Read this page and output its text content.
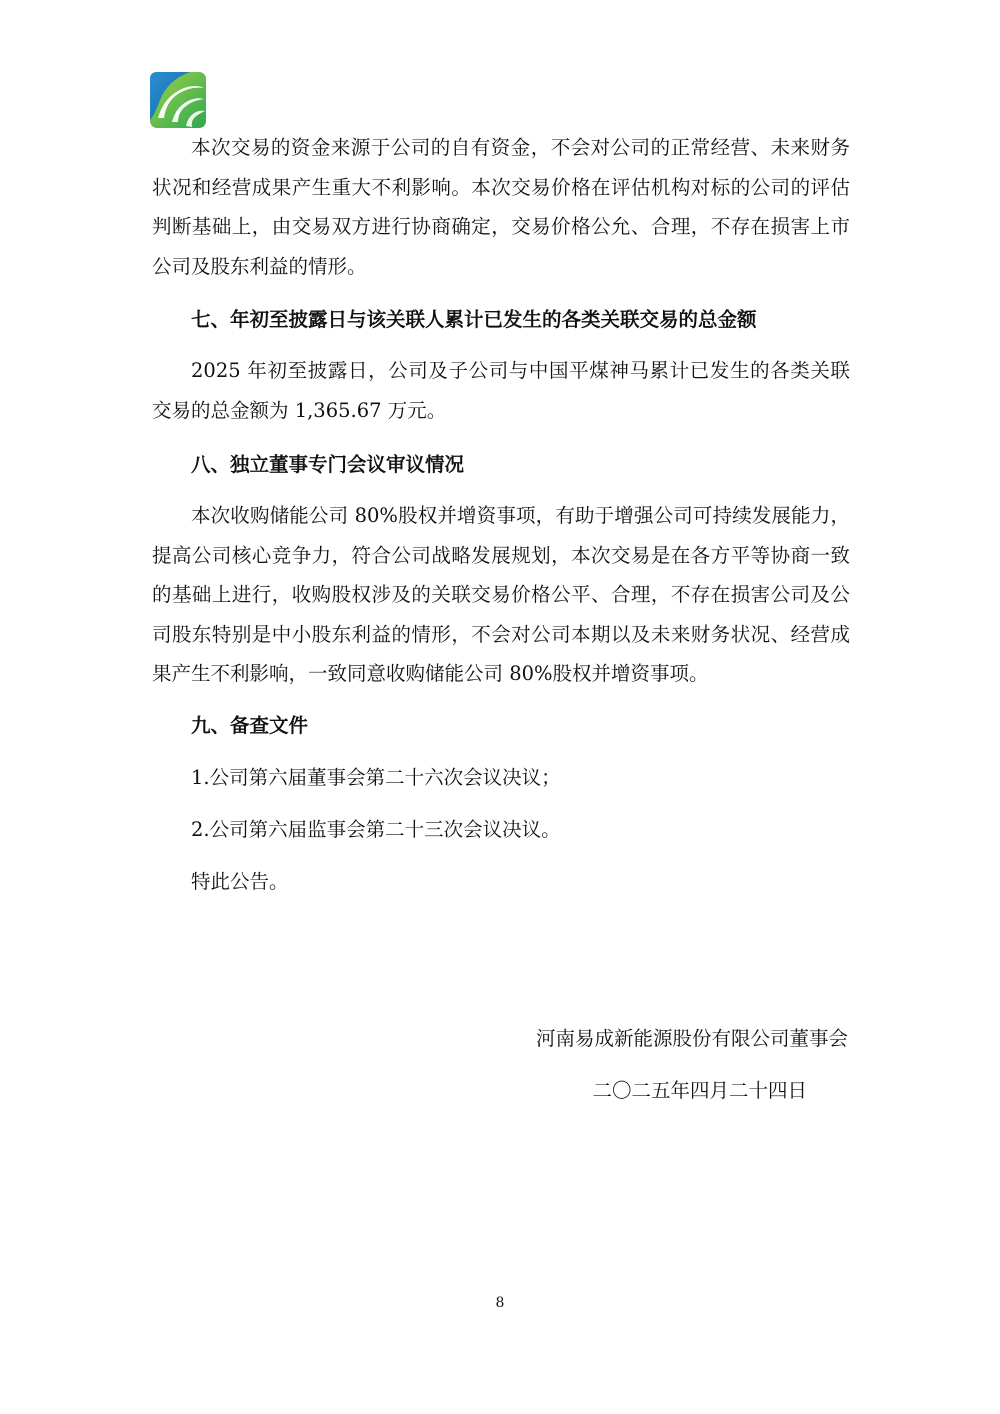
本次交易的资金来源于公司的自有资金，不会对公司的正常经营、未来财务状况和经营成果产生重大不利影响。本次交易价格在评估机构对标的公司的评估判断基础上，由交易双方进行协商确定，交易价格公允、合理，不存在损害上市公司及股东利益的情形。

七、年初至披露日与该关联人累计已发生的各类关联交易的总金额

2025 年初至披露日，公司及子公司与中国平煤神马累计已发生的各类关联交易的总金额为 1,365.67 万元。

八、独立董事专门会议审议情况

本次收购储能公司 80%股权并增资事项，有助于增强公司可持续发展能力，提高公司核心竞争力，符合公司战略发展规划，本次交易是在各方平等协商一致的基础上进行，收购股权涉及的关联交易价格公平、合理，不存在损害公司及公司股东特别是中小股东利益的情形，不会对公司本期以及未来财务状况、经营成果产生不利影响，一致同意收购储能公司 80%股权并增资事项。

九、备查文件

1.公司第六届董事会第二十六次会议决议；

2.公司第六届监事会第二十三次会议决议。

特此公告。

河南易成新能源股份有限公司董事会

二〇二五年四月二十四日

8
